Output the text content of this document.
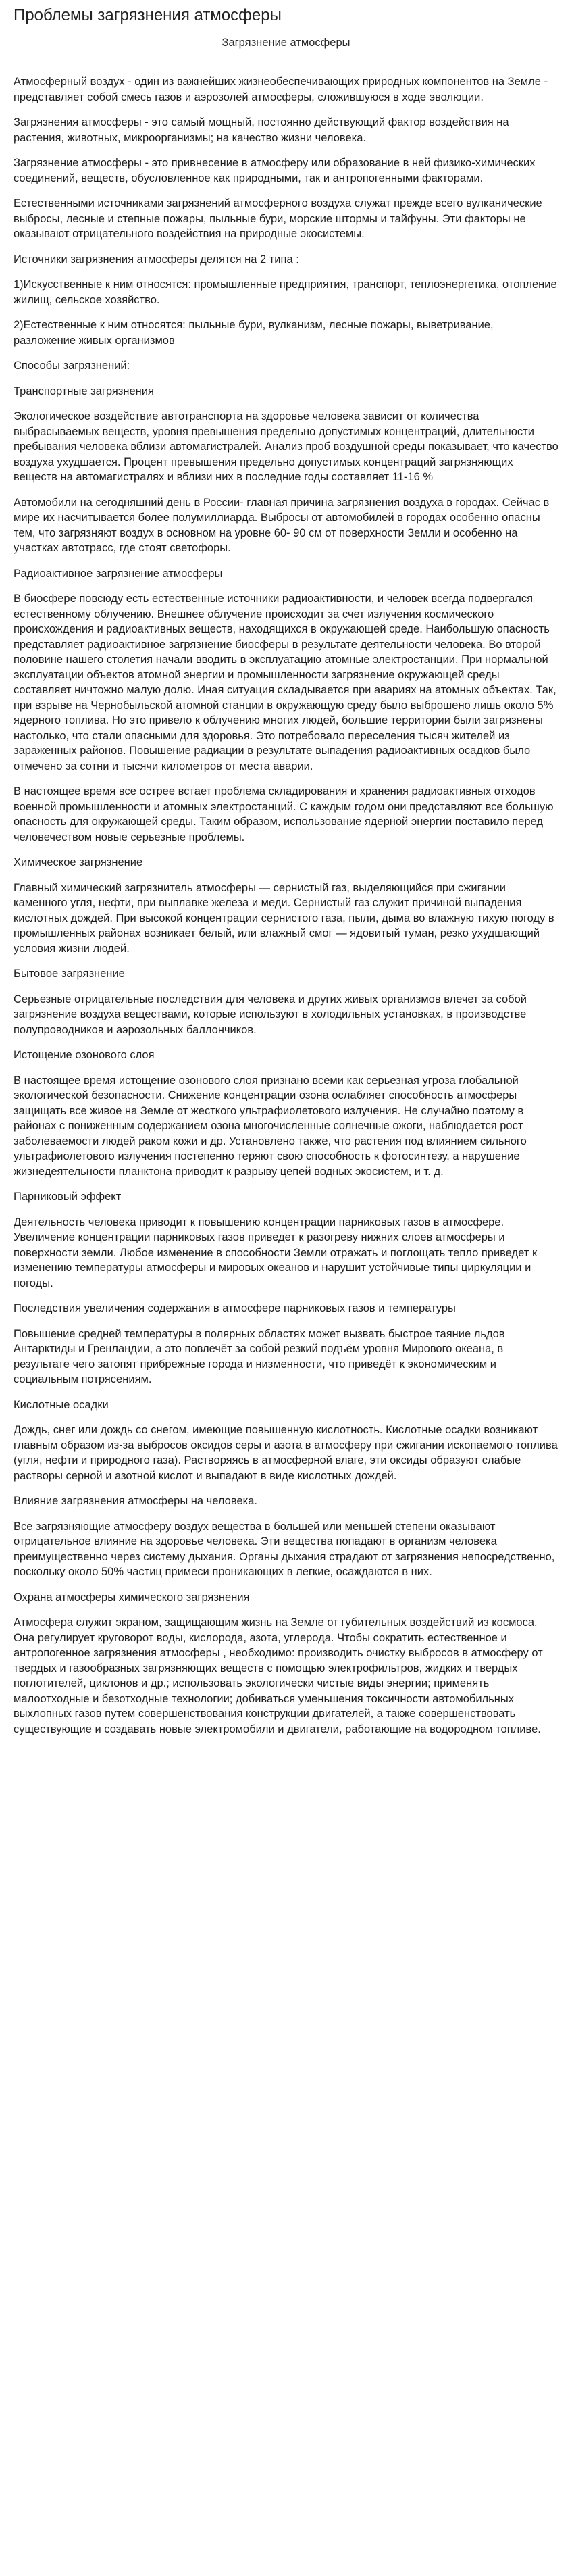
Проблемы загрязнения атмосферы
Загрязнение атмосферы

Атмосферный воздух - один из важнейших жизнеобеспечивающих природных компонентов на Земле - представляет собой смесь газов и аэрозолей атмосферы, сложившуюся в ходе эволюции.

Загрязнения атмосферы - это самый мощный, постоянно действующий фактор воздействия на растения, животных, микроорганизмы; на качество жизни человека.

Загрязнение атмосферы - это привнесение в атмосферу или образование в ней физико-химических соединений, веществ, обусловленное как природными, так и антропогенными факторами.

Естественными источниками загрязнений атмосферного воздуха служат прежде всего вулканические выбросы, лесные и степные пожары, пыльные бури, морские штормы и тайфуны. Эти факторы не оказывают отрицательного воздействия на природные экосистемы.

Источники загрязнения атмосферы делятся на 2 типа :

1)Искусственные к ним относятся: промышленные предприятия, транспорт, теплоэнергетика, отопление жилищ, сельское хозяйство.

2)Естественные к ним относятся: пыльные бури, вулканизм, лесные пожары, выветривание, разложение живых организмов

Способы загрязнений:
Транспортные загрязнения

Экологическое воздействие автотранспорта на здоровье человека зависит от количества выбрасываемых веществ, уровня превышения предельно допустимых концентраций, длительности пребывания человека вблизи автомагистралей. Анализ проб воздушной среды показывает, что качество воздуха ухудшается. Процент превышения предельно допустимых концентраций загрязняющих веществ на автомагистралях и вблизи них в последние годы составляет 11-16 %

Автомобили на сегодняшний день в России- главная причина загрязнения воздуха в городах. Сейчас в мире их насчитывается более полумиллиарда. Выбросы от автомобилей в городах особенно опасны тем, что загрязняют воздух в основном на уровне 60- 90 см от поверхности Земли и особенно на участках автотрасс, где стоят светофоры.

Радиоактивное загрязнение атмосферы

В биосфере повсюду есть естественные источники радиоактивности, и человек всегда подвергался естественному облучению. Внешнее облучение происходит за счет излучения космического происхождения и радиоактивных веществ, находящихся в окружающей среде. Наибольшую опасность представляет радиоактивное загрязнение биосферы в результате деятельности человека. Во второй половине нашего столетия начали вводить в эксплуатацию атомные электростанции. При нормальной эксплуатации объектов атомной энергии и промышленности загрязнение окружающей среды составляет ничтожно малую долю. Иная ситуация складывается при авариях на атомных объектах. Так, при взрыве на Чернобыльской атомной станции в окружающую среду было выброшено лишь около 5% ядерного топлива. Но это привело к облучению многих людей, большие территории были загрязнены настолько, что стали опасными для здоровья. Это потребовало переселения тысяч жителей из зараженных районов. Повышение радиации в результате выпадения радиоактивных осадков было отмечено за сотни и тысячи километров от места аварии.

В настоящее время все острее встает проблема складирования и хранения радиоактивных отходов военной промышленности и атомных электростанций. С каждым годом они представляют все большую опасность для окружающей среды. Таким образом, использование ядерной энергии поставило перед человечеством новые серьезные проблемы.

Химическое загрязнение

Главный химический загрязнитель атмосферы — сернистый газ, выделяющийся при сжигании каменного угля, нефти, при выплавке железа и меди. Сернистый газ служит причиной выпадения кислотных дождей. При высокой концентрации сернистого газа, пыли, дыма во влажную тихую погоду в промышленных районах возникает белый, или влажный смог — ядовитый туман, резко ухудшающий условия жизни людей.

Бытовое загрязнение

Серьезные отрицательные последствия для человека и других живых организмов влечет за собой загрязнение воздуха веществами, которые используют в холодильных установках, в производстве полупроводников и аэрозольных баллончиков.

Истощение озонового слоя

В настоящее время истощение озонового слоя признано всеми как серьезная угроза глобальной экологической безопасности. Снижение концентрации озона ослабляет способность атмосферы защищать все живое на Земле от жесткого ультрафиолетового излучения. Не случайно поэтому в районах с пониженным содержанием озона многочисленные солнечные ожоги, наблюдается рост заболеваемости людей раком кожи и др. Установлено также, что растения под влиянием сильного ультрафиолетового излучения постепенно теряют свою способность к фотосинтезу, а нарушение жизнедеятельности планктона приводит к разрыву цепей водных экосистем, и т. д.

Парниковый эффект

Деятельность человека приводит к повышению концентрации парниковых газов в атмосфере. Увеличение концентрации парниковых газов приведет к разогреву нижних слоев атмосферы и поверхности земли. Любое изменение в способности Земли отражать и поглощать тепло приведет к изменению температуры атмосферы и мировых океанов и нарушит устойчивые типы циркуляции и погоды.

Последствия увеличения содержания в атмосфере парниковых газов и температуры

Повышение средней температуры в полярных областях может вызвать быстрое таяние льдов Антарктиды и Гренландии, а это повлечёт за собой резкий подъём уровня Мирового океана, в результате чего затопят прибрежные города и низменности, что приведёт к экономическим и социальным потрясениям.

Кислотные осадки

Дождь, снег или дождь со снегом, имеющие повышенную кислотность. Кислотные осадки возникают главным образом из-за выбросов оксидов серы и азота в атмосферу при сжигании ископаемого топлива (угля, нефти и природного газа). Растворяясь в атмосферной влаге, эти оксиды образуют слабые растворы серной и азотной кислот и выпадают в виде кислотных дождей.

Влияние загрязнения атмосферы на человека.

Все загрязняющие атмосферу воздух вещества в большей или меньшей степени оказывают отрицательное влияние на здоровье человека. Эти вещества попадают в организм человека преимущественно через систему дыхания. Органы дыхания страдают от загрязнения непосредственно, поскольку около 50% частиц примеси проникающих в легкие, осаждаются в них.

Охрана атмосферы химического загрязнения

Атмосфера служит экраном, защищающим жизнь на Земле от губительных воздействий из космоса. Она регулирует круговорот воды, кислорода, азота, углерода. Чтобы сократить естественное и антропогенное загрязнения атмосферы , необходимо: производить очистку выбросов в атмосферу от твердых и газообразных загрязняющих веществ с помощью электрофильтров, жидких и твердых поглотителей, циклонов и др.; использовать экологически чистые виды энергии; применять малоотходные и безотходные технологии; добиваться уменьшения токсичности автомобильных выхлопных газов путем совершенствования конструкции двигателей, а также совершенствовать существующие и создавать новые электромобили и двигатели, работающие на водородном топливе.
